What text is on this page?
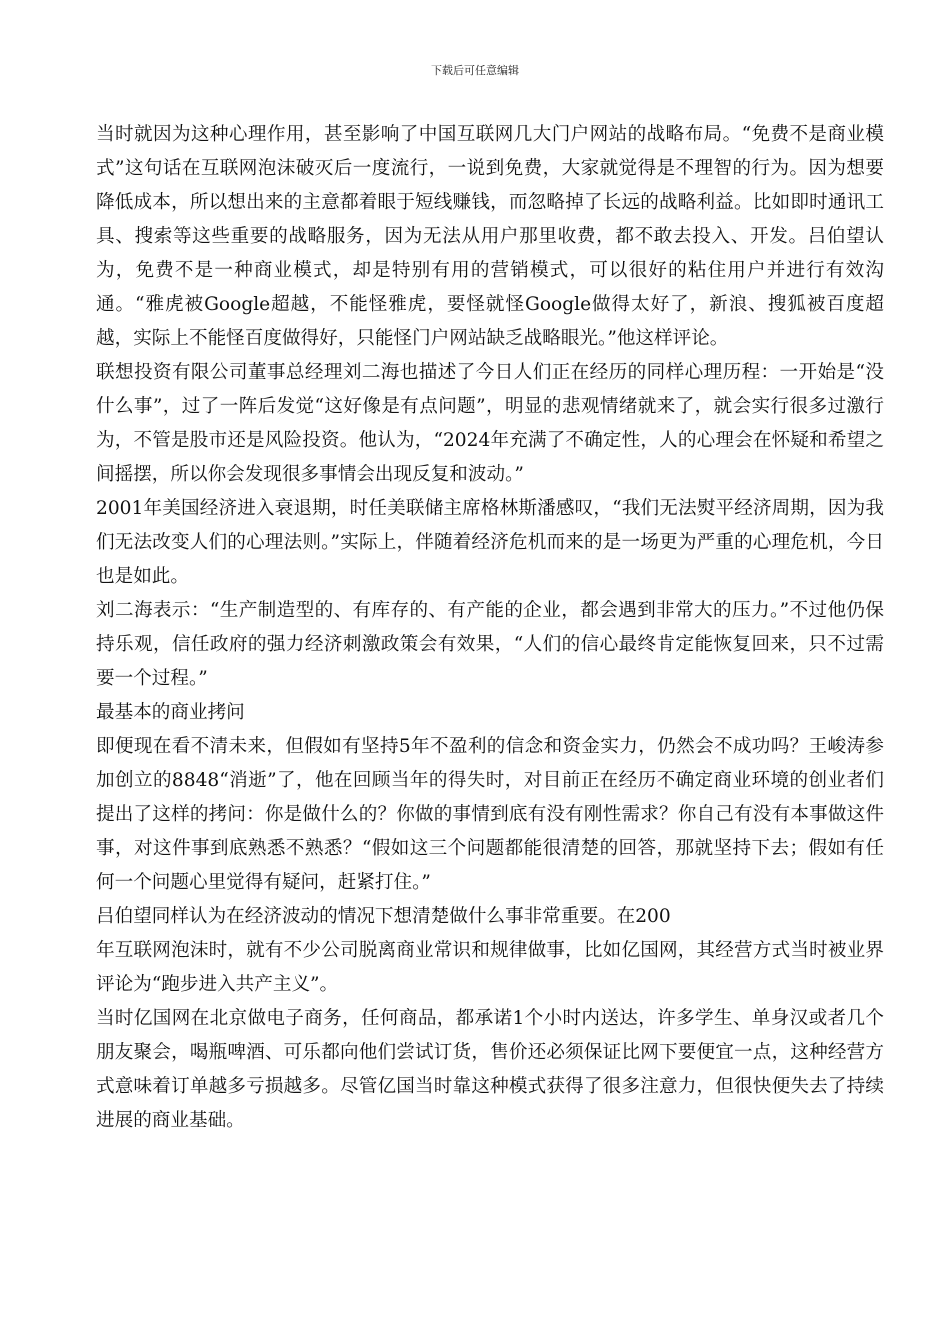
下载后可任意编辑

当时就因为这种心理作用，甚至影响了中国互联网几大门户网站的战略布局。“免费不是商业模式”这句话在互联网泡沫破灭后一度流行，一说到免费，大家就觉得是不理智的行为。因为想要降低成本，所以想出来的主意都着眼于短线赚钱，而忽略掉了长远的战略利益。比如即时通讯工具、搜索等这些重要的战略服务，因为无法从用户那里收费，都不敢去投入、开发。吕伯望认为，免费不是一种商业模式，却是特别有用的营销模式，可以很好的粘住用户并进行有效沟通。“雅虎被Google超越，不能怪雅虎，要怪就怪Google做得太好了，新浪、搜狐被百度超越，实际上不能怪百度做得好，只能怪门户网站缺乏战略眼光。”他这样评论。

联想投资有限公司董事总经理刘二海也描述了今日人们正在经历的同样心理历程：一开始是“没什么事”，过了一阵后发觉“这好像是有点问题”，明显的悲观情绪就来了，就会实行很多过激行为，不管是股市还是风险投资。他认为，“2024年充满了不确定性，人的心理会在怀疑和希望之间摇摆，所以你会发现很多事情会出现反复和波动。”

2001年美国经济进入衰退期，时任美联储主席格林斯潘感叹，“我们无法熨平经济周期，因为我们无法改变人们的心理法则。”实际上，伴随着经济危机而来的是一场更为严重的心理危机，今日也是如此。

刘二海表示：“生产制造型的、有库存的、有产能的企业，都会遇到非常大的压力。”不过他仍保持乐观，信任政府的强力经济刺激政策会有效果，“人们的信心最终肯定能恢复回来，只不过需要一个过程。”

最基本的商业拷问

即便现在看不清未来，但假如有坚持5年不盈利的信念和资金实力，仍然会不成功吗？王峻涛参加创立的8848“消逝”了，他在回顾当年的得失时，对目前正在经历不确定商业环境的创业者们提出了这样的拷问：你是做什么的？你做的事情到底有没有刚性需求？你自己有没有本事做这件事，对这件事到底熟悉不熟悉？“假如这三个问题都能很清楚的回答，那就坚持下去；假如有任何一个问题心里觉得有疑问，赶紧打住。”

吕伯望同样认为在经济波动的情况下想清楚做什么事非常重要。在200

年互联网泡沫时，就有不少公司脱离商业常识和规律做事，比如亿国网，其经营方式当时被业界评论为“跑步进入共产主义”。

当时亿国网在北京做电子商务，任何商品，都承诺1个小时内送达，许多学生、单身汉或者几个朋友聚会，喝瓶啤酒、可乐都向他们尝试订货，售价还必须保证比网下要便宜一点，这种经营方式意味着订单越多亏损越多。尽管亿国当时靠这种模式获得了很多注意力，但很快便失去了持续进展的商业基础。
